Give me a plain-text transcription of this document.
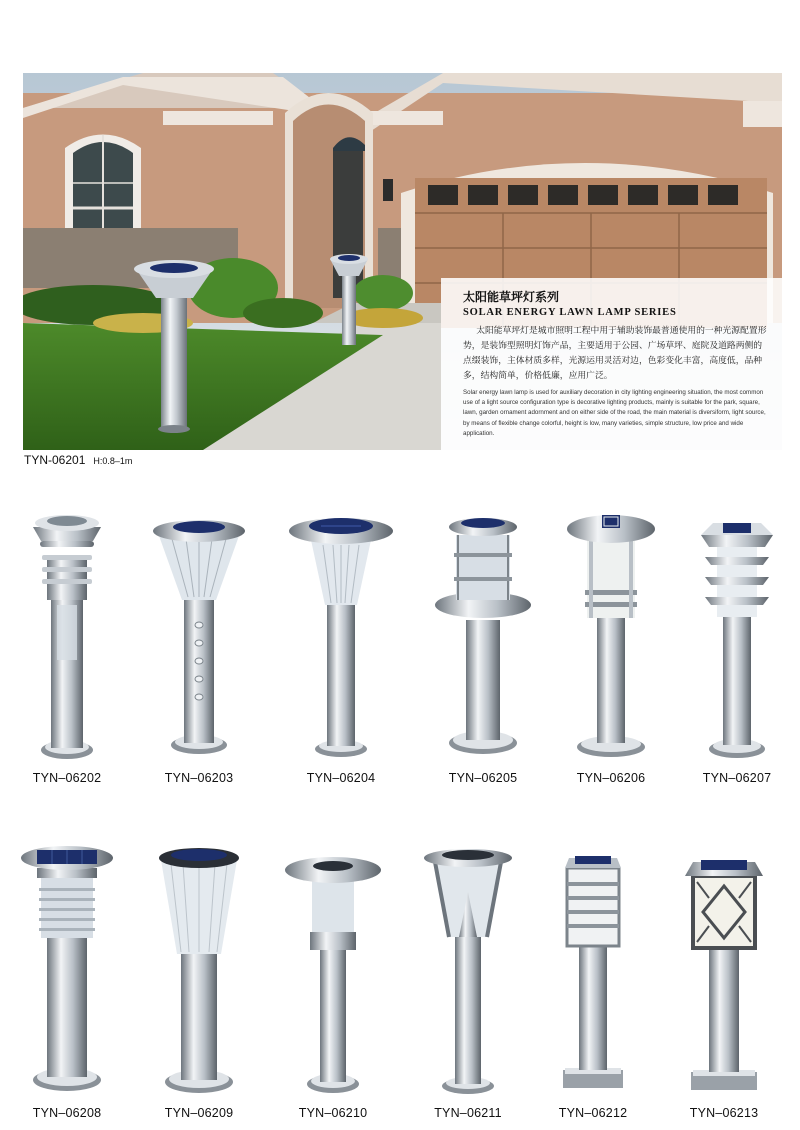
太阳能草坪灯系列
SOLAR ENERGY LAWN LAMP SERIES

太阳能草坪灯是城市照明工程中用于辅助装饰最普通使用的一种光源配置形势，是装饰型照明灯饰产品，主要适用于公园、广场草坪、庭院及道路两侧的点缀装饰，主体材质多样，光源运用灵活对边，色彩变化丰富，高度低，品种多，结构简单，价格低廉，应用广泛。

Solar energy lawn lamp is used for auxiliary decoration in city lighting engineering situation, the most common use of a light source configuration type is decorative lighting products, mainly is suitable for the park, square, lawn, garden ornament adornment and on either side of the road, the main material is diversiform, light source, by means of flexible change colorful, height is low, many varieties, simple structure, low price and wide application.

TYN-06201 H:0.8–1m
TYN–06202	TYN–06203	TYN–06204	TYN–06205	TYN–06206	TYN–06207
TYN–06208	TYN–06209	TYN–06210	TYN–06211	TYN–06212	TYN–06213
